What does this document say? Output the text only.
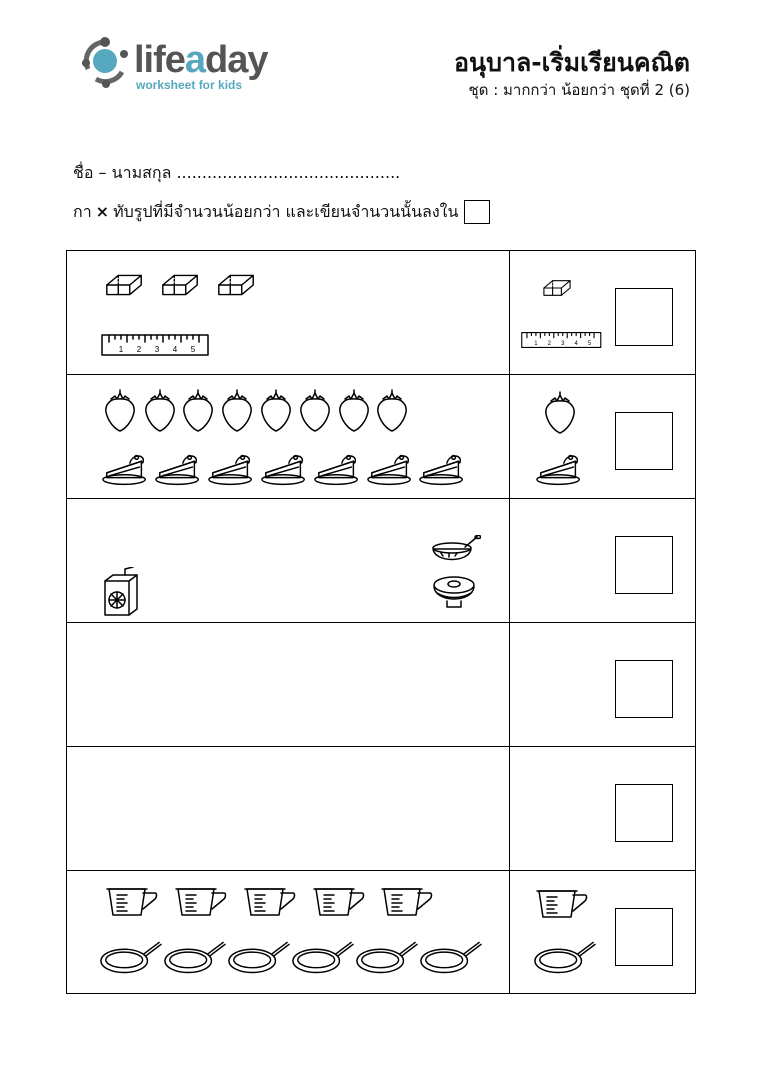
lifeaday
worksheet for kids
อนุบาล-เริ่มเรียนคณิต
ชุด : มากกว่า น้อยกว่า ชุดที่ 2 (6)
ชื่อ – นามสกุล ............................................
กา × ทับรูปที่มีจำนวนน้อยกว่า และเขียนจำนวนนั้นลงใน
1 2 3 4 5
1 2 3 4 5
